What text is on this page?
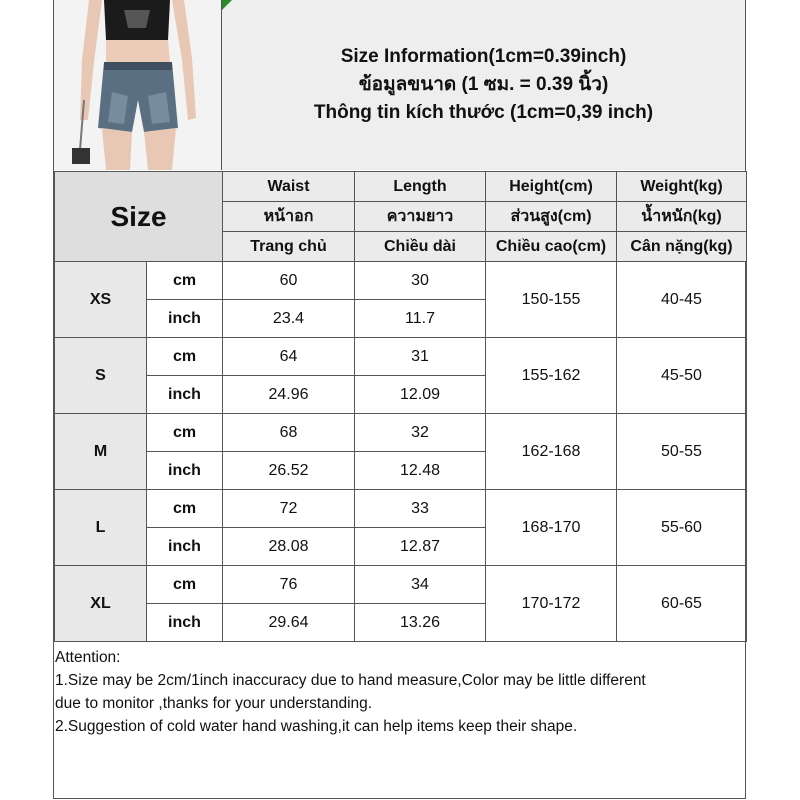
Size Information(1cm=0.39inch)
ข้อมูลขนาด (1 ซม. = 0.39 นิ้ว)
Thông tin kích thước (1cm=0,39 inch)
Size		Waist	Length	Height(cm)	Weight(kg)
		หน้าอก	ความยาว	ส่วนสูง(cm)	น้ำหนัก(kg)
		Trang chủ	Chiều dài	Chiều cao(cm)	Cân nặng(kg)
XS	cm	60	30	150-155	40-45
	inch	23.4	11.7		
S	cm	64	31	155-162	45-50
	inch	24.96	12.09		
M	cm	68	32	162-168	50-55
	inch	26.52	12.48		
L	cm	72	33	168-170	55-60
	inch	28.08	12.87		
XL	cm	76	34	170-172	60-65
	inch	29.64	13.26		
Attention:
1.Size may be 2cm/1inch inaccuracy due to hand measure,Color may be little different
due to monitor ,thanks for your understanding.
2.Suggestion of cold water hand washing,it can help items keep their shape.
